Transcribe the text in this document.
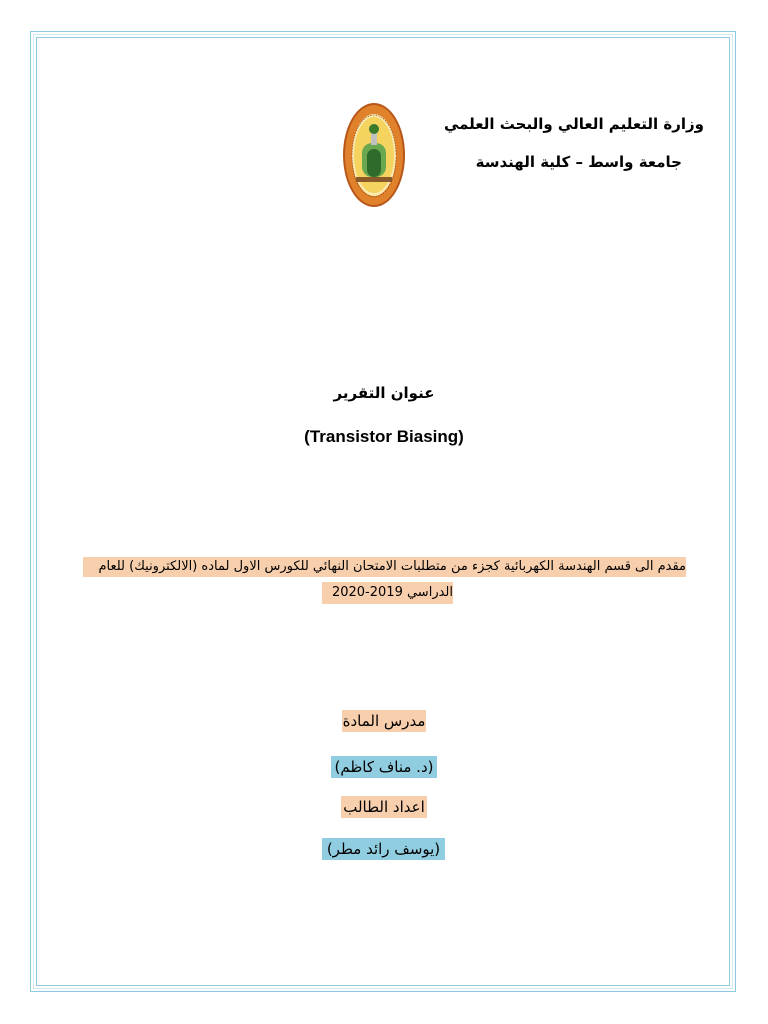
وزارة التعليم العالي والبحث العلمي
جامعة واسط – كلية الهندسة
عنوان التقرير
(Transistor Biasing)
مقدم الى قسم الهندسة الكهربائية كجزء من متطلبات الامتحان النهائي للكورس الاول لماده (الالكترونيك) للعام
الدراسي 2019-2020
مدرس المادة
(د. مناف كاظم)
اعداد الطالب
(يوسف رائد مطر)
